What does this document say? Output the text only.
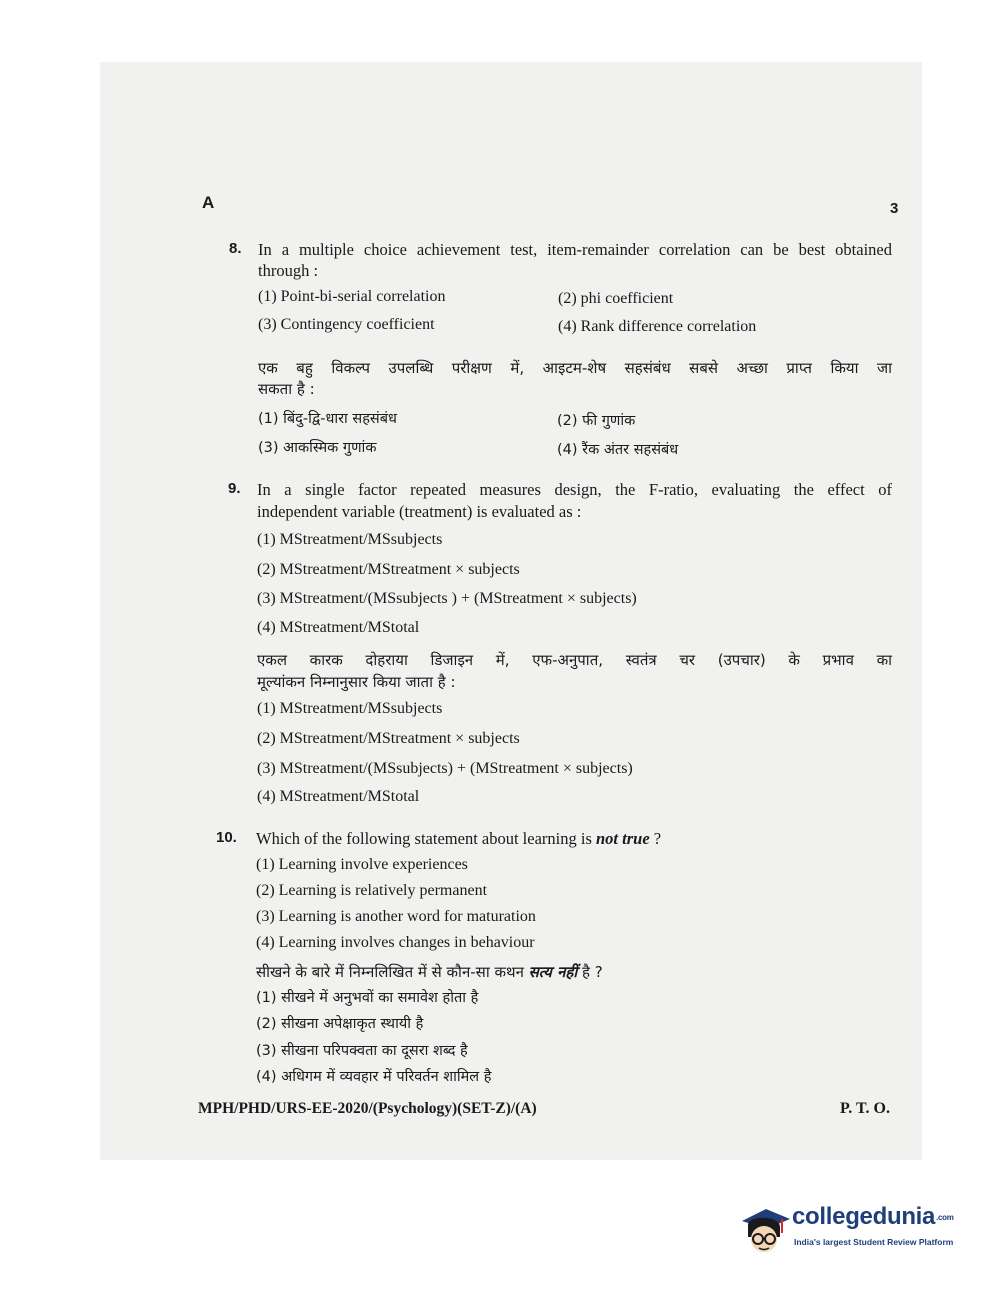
A	3
8. In a multiple choice achievement test, item-remainder correlation can be best obtained
through :
(1) Point-bi-serial correlation	(2) phi coefficient
(3) Contingency coefficient	(4) Rank difference correlation
एक बहु विकल्प उपलब्धि परीक्षण में, आइटम-शेष सहसंबंध सबसे अच्छा प्राप्त किया जा
सकता है :
(1) बिंदु-द्वि-धारा सहसंबंध	(2) फी गुणांक
(3) आकस्मिक गुणांक	(4) रैंक अंतर सहसंबंध
9. In a single factor repeated measures design, the F-ratio, evaluating the effect of
independent variable (treatment) is evaluated as :
(1) MStreatment/MSsubjects
(2) MStreatment/MStreatment × subjects
(3) MStreatment/(MSsubjects ) + (MStreatment × subjects)
(4) MStreatment/MStotal
एकल कारक दोहराया डिजाइन में, एफ-अनुपात, स्वतंत्र चर (उपचार) के प्रभाव का
मूल्यांकन निम्नानुसार किया जाता है :
(1) MStreatment/MSsubjects
(2) MStreatment/MStreatment × subjects
(3) MStreatment/(MSsubjects) + (MStreatment × subjects)
(4) MStreatment/MStotal
10. Which of the following statement about learning is not true ?
(1) Learning involve experiences
(2) Learning is relatively permanent
(3) Learning is another word for maturation
(4) Learning involves changes in behaviour
सीखने के बारे में निम्नलिखित में से कौन-सा कथन सत्य नहीं है ?
(1) सीखने में अनुभवों का समावेश होता है
(2) सीखना अपेक्षाकृत स्थायी है
(3) सीखना परिपक्वता का दूसरा शब्द है
(4) अधिगम में व्यवहार में परिवर्तन शामिल है
MPH/PHD/URS-EE-2020/(Psychology)(SET-Z)/(A)	P. T. O.
collegedunia.com
India's largest Student Review Platform
